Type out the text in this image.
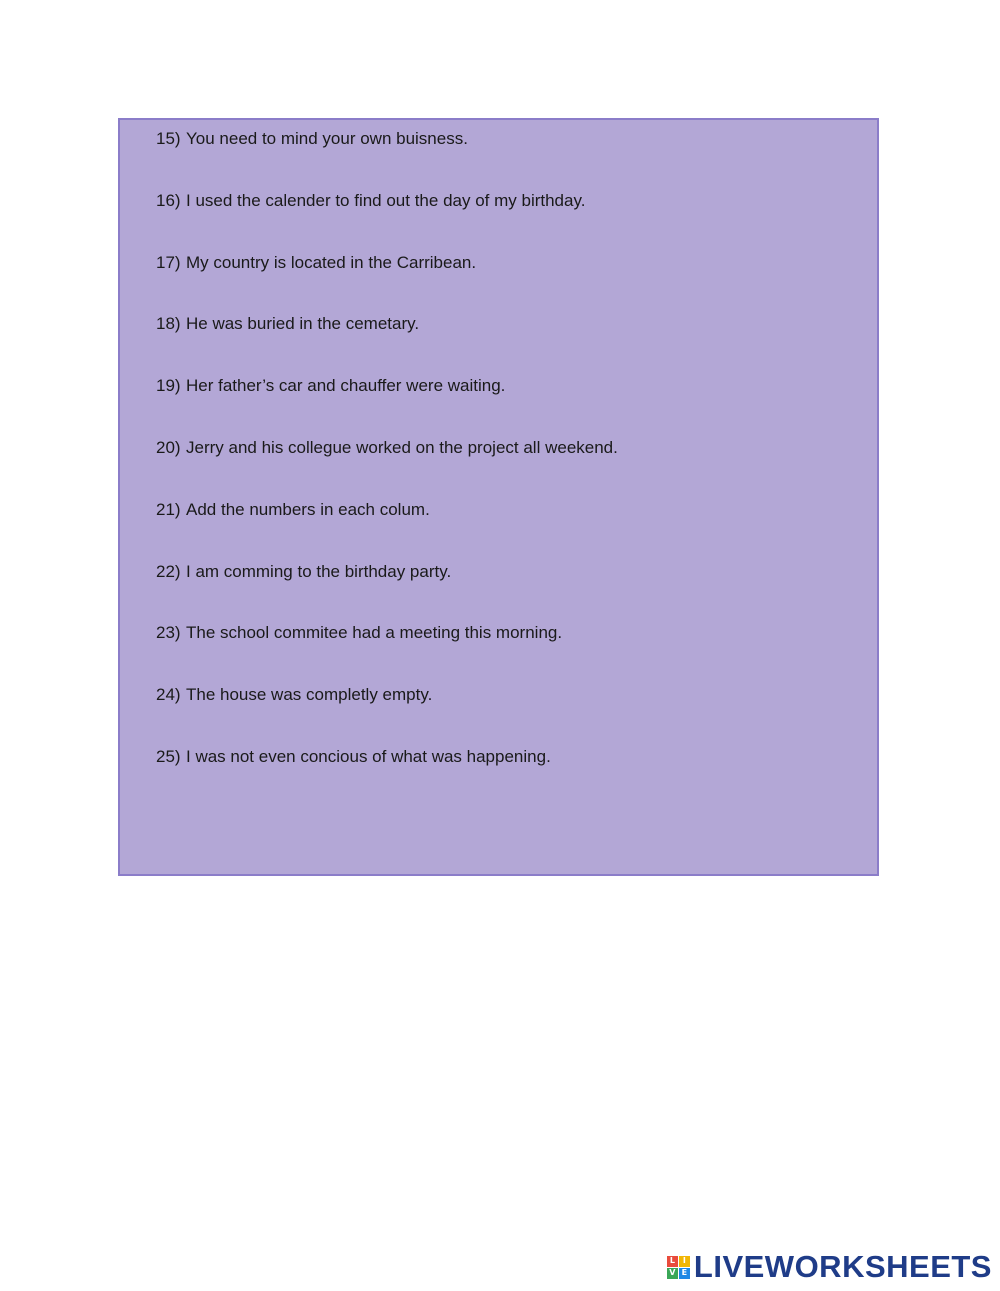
15) You need to mind your own buisness.
16) I used the calender to find out the day of my birthday.
17) My country is located in the Carribean.
18) He was buried in the cemetary.
19) Her father’s car and chauffer were waiting.
20) Jerry and his collegue worked on the project all weekend.
21) Add the numbers in each colum.
22) I am comming to the birthday party.
23) The school commitee had a meeting this morning.
24) The house was completly empty.
25) I was not even concious of what was happening.
L I
V E LIVEWORKSHEETS
